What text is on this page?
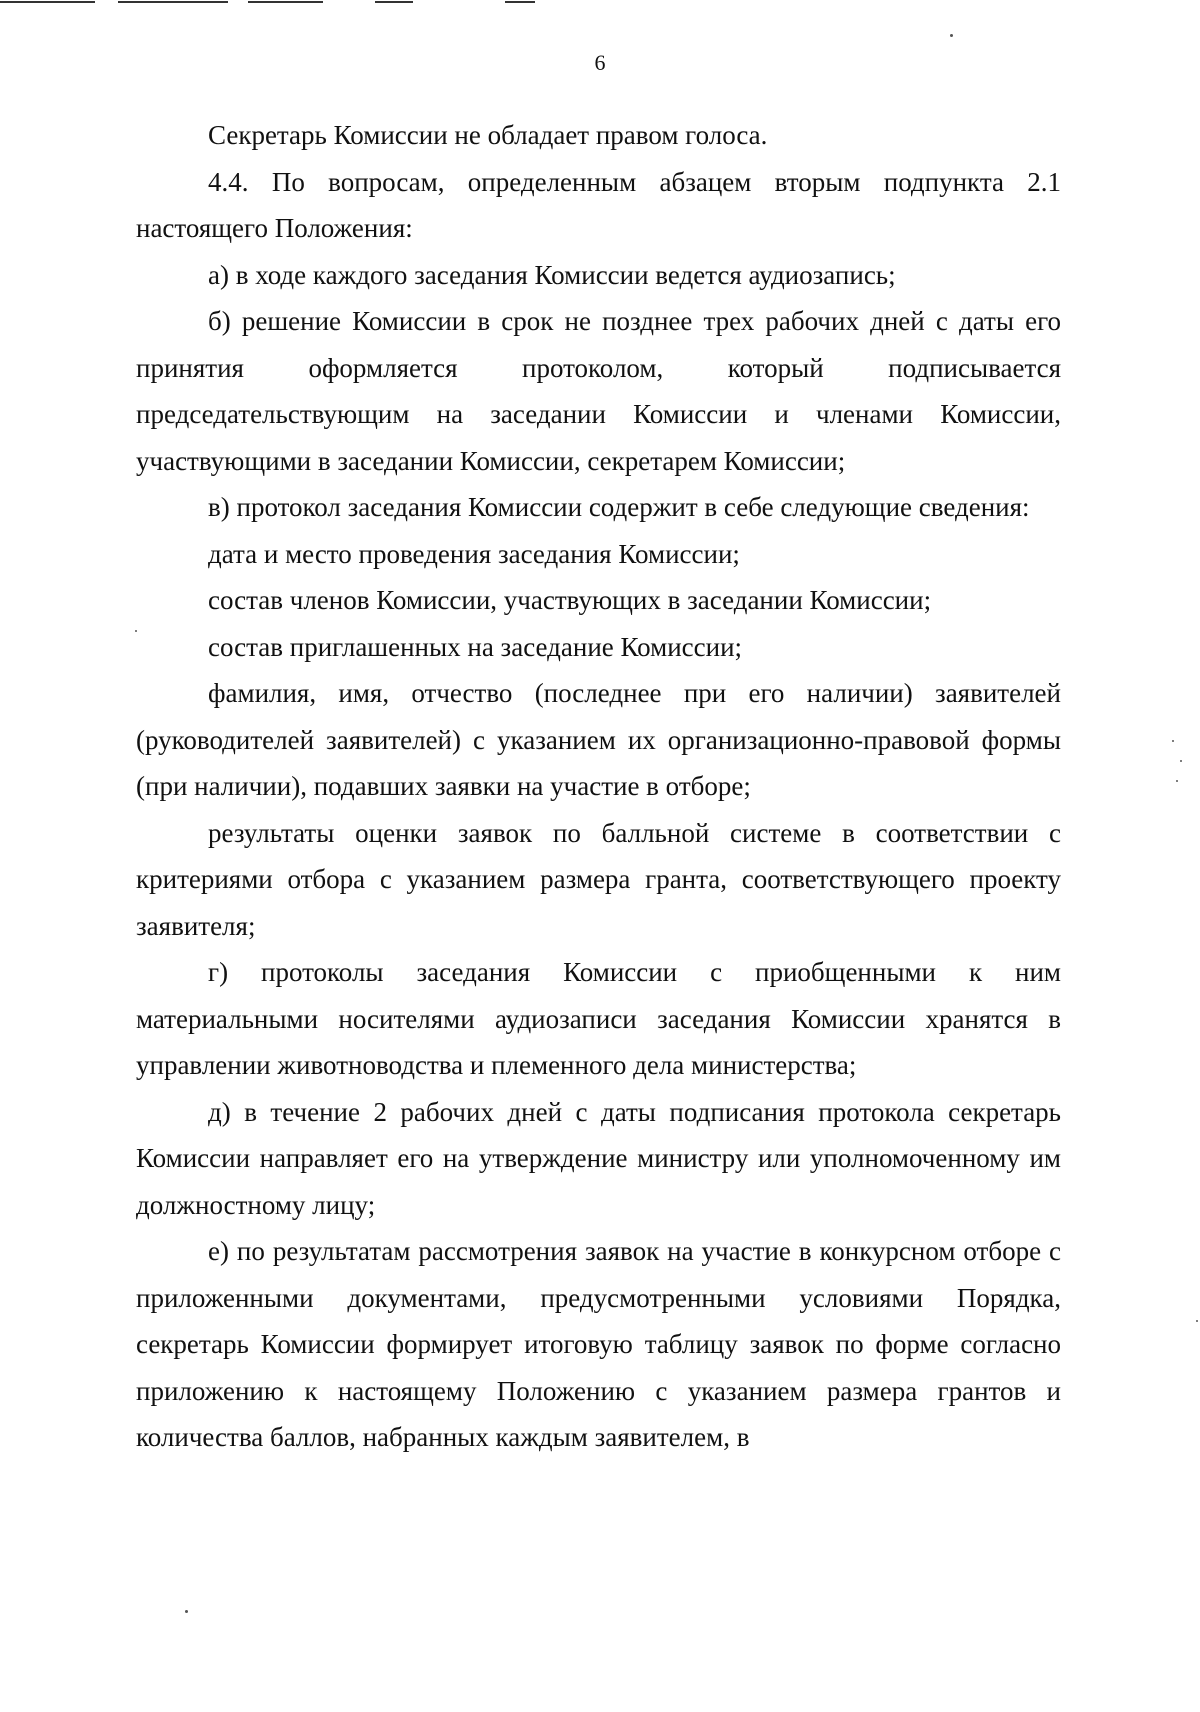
6

Секретарь Комиссии не обладает правом голоса.

4.4. По вопросам, определенным абзацем вторым подпункта 2.1 настоящего Положения:

а) в ходе каждого заседания Комиссии ведется аудиозапись;

б) решение Комиссии в срок не позднее трех рабочих дней с даты его принятия оформляется протоколом, который подписывается председательствующим на заседании Комиссии и членами Комиссии, участвующими в заседании Комиссии, секретарем Комиссии;

в) протокол заседания Комиссии содержит в себе следующие сведения:

дата и место проведения заседания Комиссии;

состав членов Комиссии, участвующих в заседании Комиссии;

состав приглашенных на заседание Комиссии;

фамилия, имя, отчество (последнее при его наличии) заявителей (руководителей заявителей) с указанием их организационно-правовой формы (при наличии), подавших заявки на участие в отборе;

результаты оценки заявок по балльной системе в соответствии с критериями отбора с указанием размера гранта, соответствующего проекту заявителя;

г) протоколы заседания Комиссии с приобщенными к ним материальными носителями аудиозаписи заседания Комиссии хранятся в управлении животноводства и племенного дела министерства;

д) в течение 2 рабочих дней с даты подписания протокола секретарь Комиссии направляет его на утверждение министру или уполномоченному им должностному лицу;

е) по результатам рассмотрения заявок на участие в конкурсном отборе с приложенными документами, предусмотренными условиями Порядка, секретарь Комиссии формирует итоговую таблицу заявок по форме согласно приложению к настоящему Положению с указанием размера грантов и количества баллов, набранных каждым заявителем, в
